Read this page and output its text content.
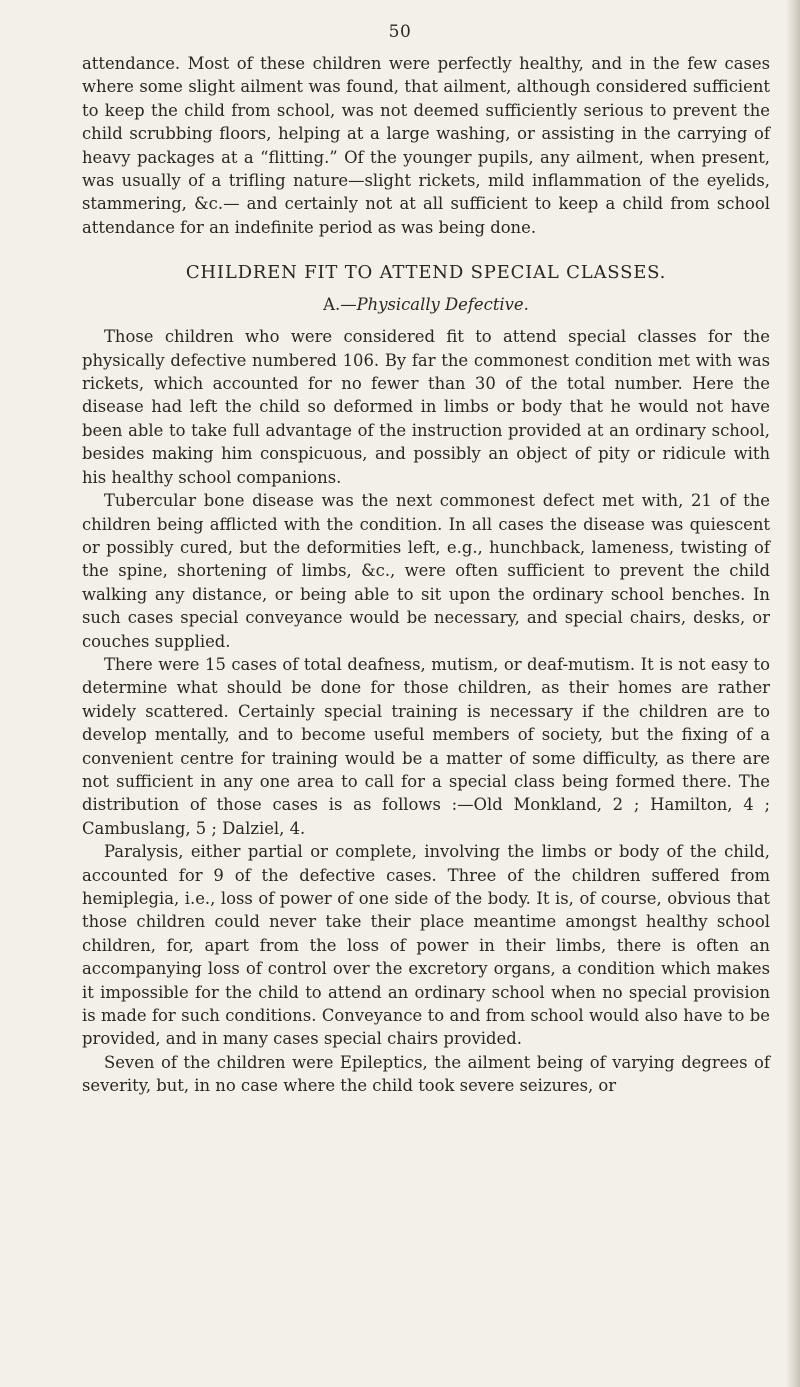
50

attendance. Most of these children were perfectly healthy, and in the few cases where some slight ailment was found, that ailment, although considered sufficient to keep the child from school, was not deemed sufficiently serious to prevent the child scrubbing floors, helping at a large washing, or assisting in the carrying of heavy packages at a “flitting.” Of the younger pupils, any ailment, when present, was usually of a trifling nature—slight rickets, mild inflammation of the eyelids, stammering, &c.— and certainly not at all sufficient to keep a child from school attendance for an indefinite period as was being done.

CHILDREN FIT TO ATTEND SPECIAL CLASSES.
A.—Physically Defective.

Those children who were considered fit to attend special classes for the physically defective numbered 106. By far the commonest condition met with was rickets, which accounted for no fewer than 30 of the total number. Here the disease had left the child so deformed in limbs or body that he would not have been able to take full advantage of the instruction provided at an ordinary school, besides making him conspicuous, and possibly an object of pity or ridicule with his healthy school companions.

Tubercular bone disease was the next commonest defect met with, 21 of the children being afflicted with the condition. In all cases the disease was quiescent or possibly cured, but the deformities left, e.g., hunchback, lameness, twisting of the spine, shortening of limbs, &c., were often sufficient to prevent the child walking any distance, or being able to sit upon the ordinary school benches. In such cases special conveyance would be necessary, and special chairs, desks, or couches supplied.

There were 15 cases of total deafness, mutism, or deaf-mutism. It is not easy to determine what should be done for those children, as their homes are rather widely scattered. Certainly special training is necessary if the children are to develop mentally, and to become useful members of society, but the fixing of a convenient centre for training would be a matter of some difficulty, as there are not sufficient in any one area to call for a special class being formed there. The distribution of those cases is as follows :—Old Monkland, 2 ; Hamilton, 4 ; Cambuslang, 5 ; Dalziel, 4.

Paralysis, either partial or complete, involving the limbs or body of the child, accounted for 9 of the defective cases. Three of the children suffered from hemiplegia, i.e., loss of power of one side of the body. It is, of course, obvious that those children could never take their place meantime amongst healthy school children, for, apart from the loss of power in their limbs, there is often an accompanying loss of control over the excretory organs, a condition which makes it impossible for the child to attend an ordinary school when no special provision is made for such conditions. Conveyance to and from school would also have to be provided, and in many cases special chairs provided.

Seven of the children were Epileptics, the ailment being of varying degrees of severity, but, in no case where the child took severe seizures, or
